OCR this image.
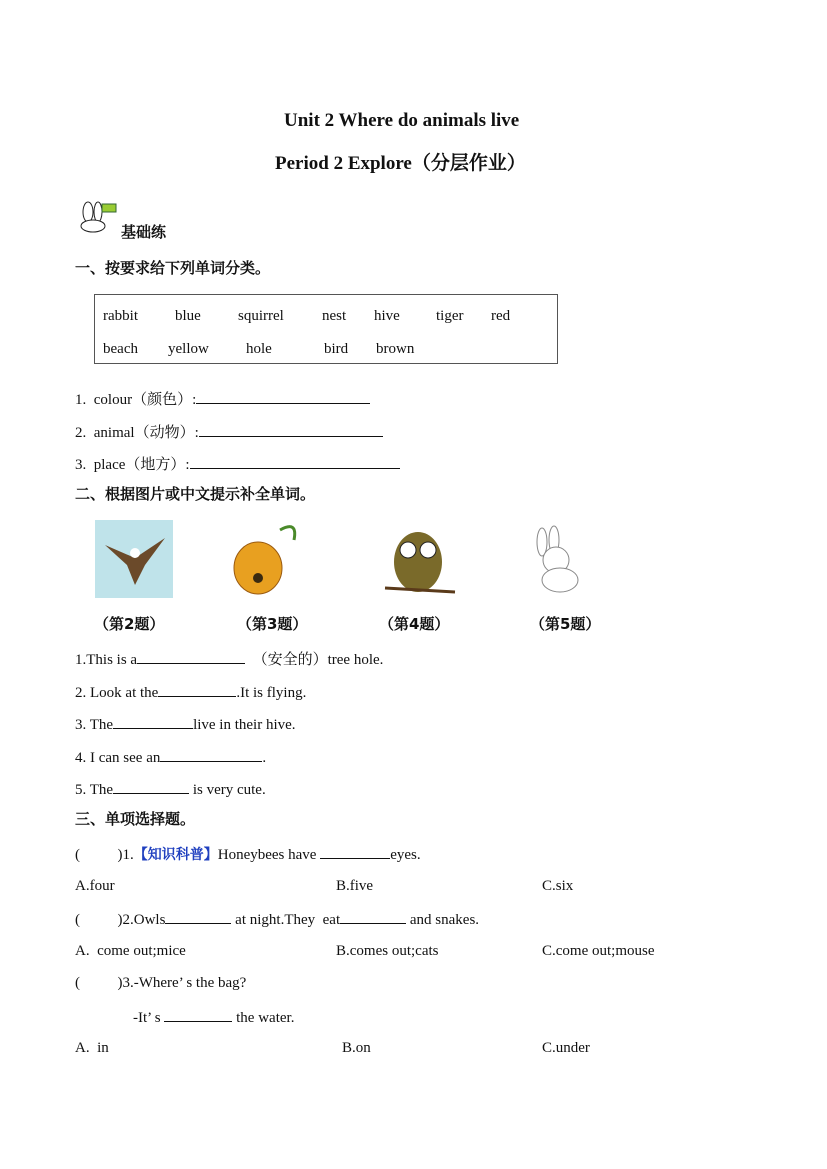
Unit 2 Where do animals live
Period 2 Explore（分层作业）
基础练
一、按要求给下列单词分类。
rabbit blue squirrel	nest hive tiger red
beach yellow hole	bird brown
1.  colour（颜色）:
2.  animal（动物）:
3.  place（地方）:
二、根据图片或中文提示补全单词。
（第2题）	（第3题）	（第4题）	（第5题）
1.This is a	（安全的）tree hole.
2. Look at the	.It is flying.
3. The	live in their hive.
4. I can see an	.
5. The	is very cute.
三、单项选择题。
(          )1.【知识科普】Honeybees have	eyes.
A.four	B.five	C.six
(          )2.Owls	at night.They  eat	and snakes.
A.  come out;mice	B.comes out;cats	C.come out;mouse
(          )3.-Where’ s the bag?
-It’ s	the water.
A.  in	B.on	C.under
